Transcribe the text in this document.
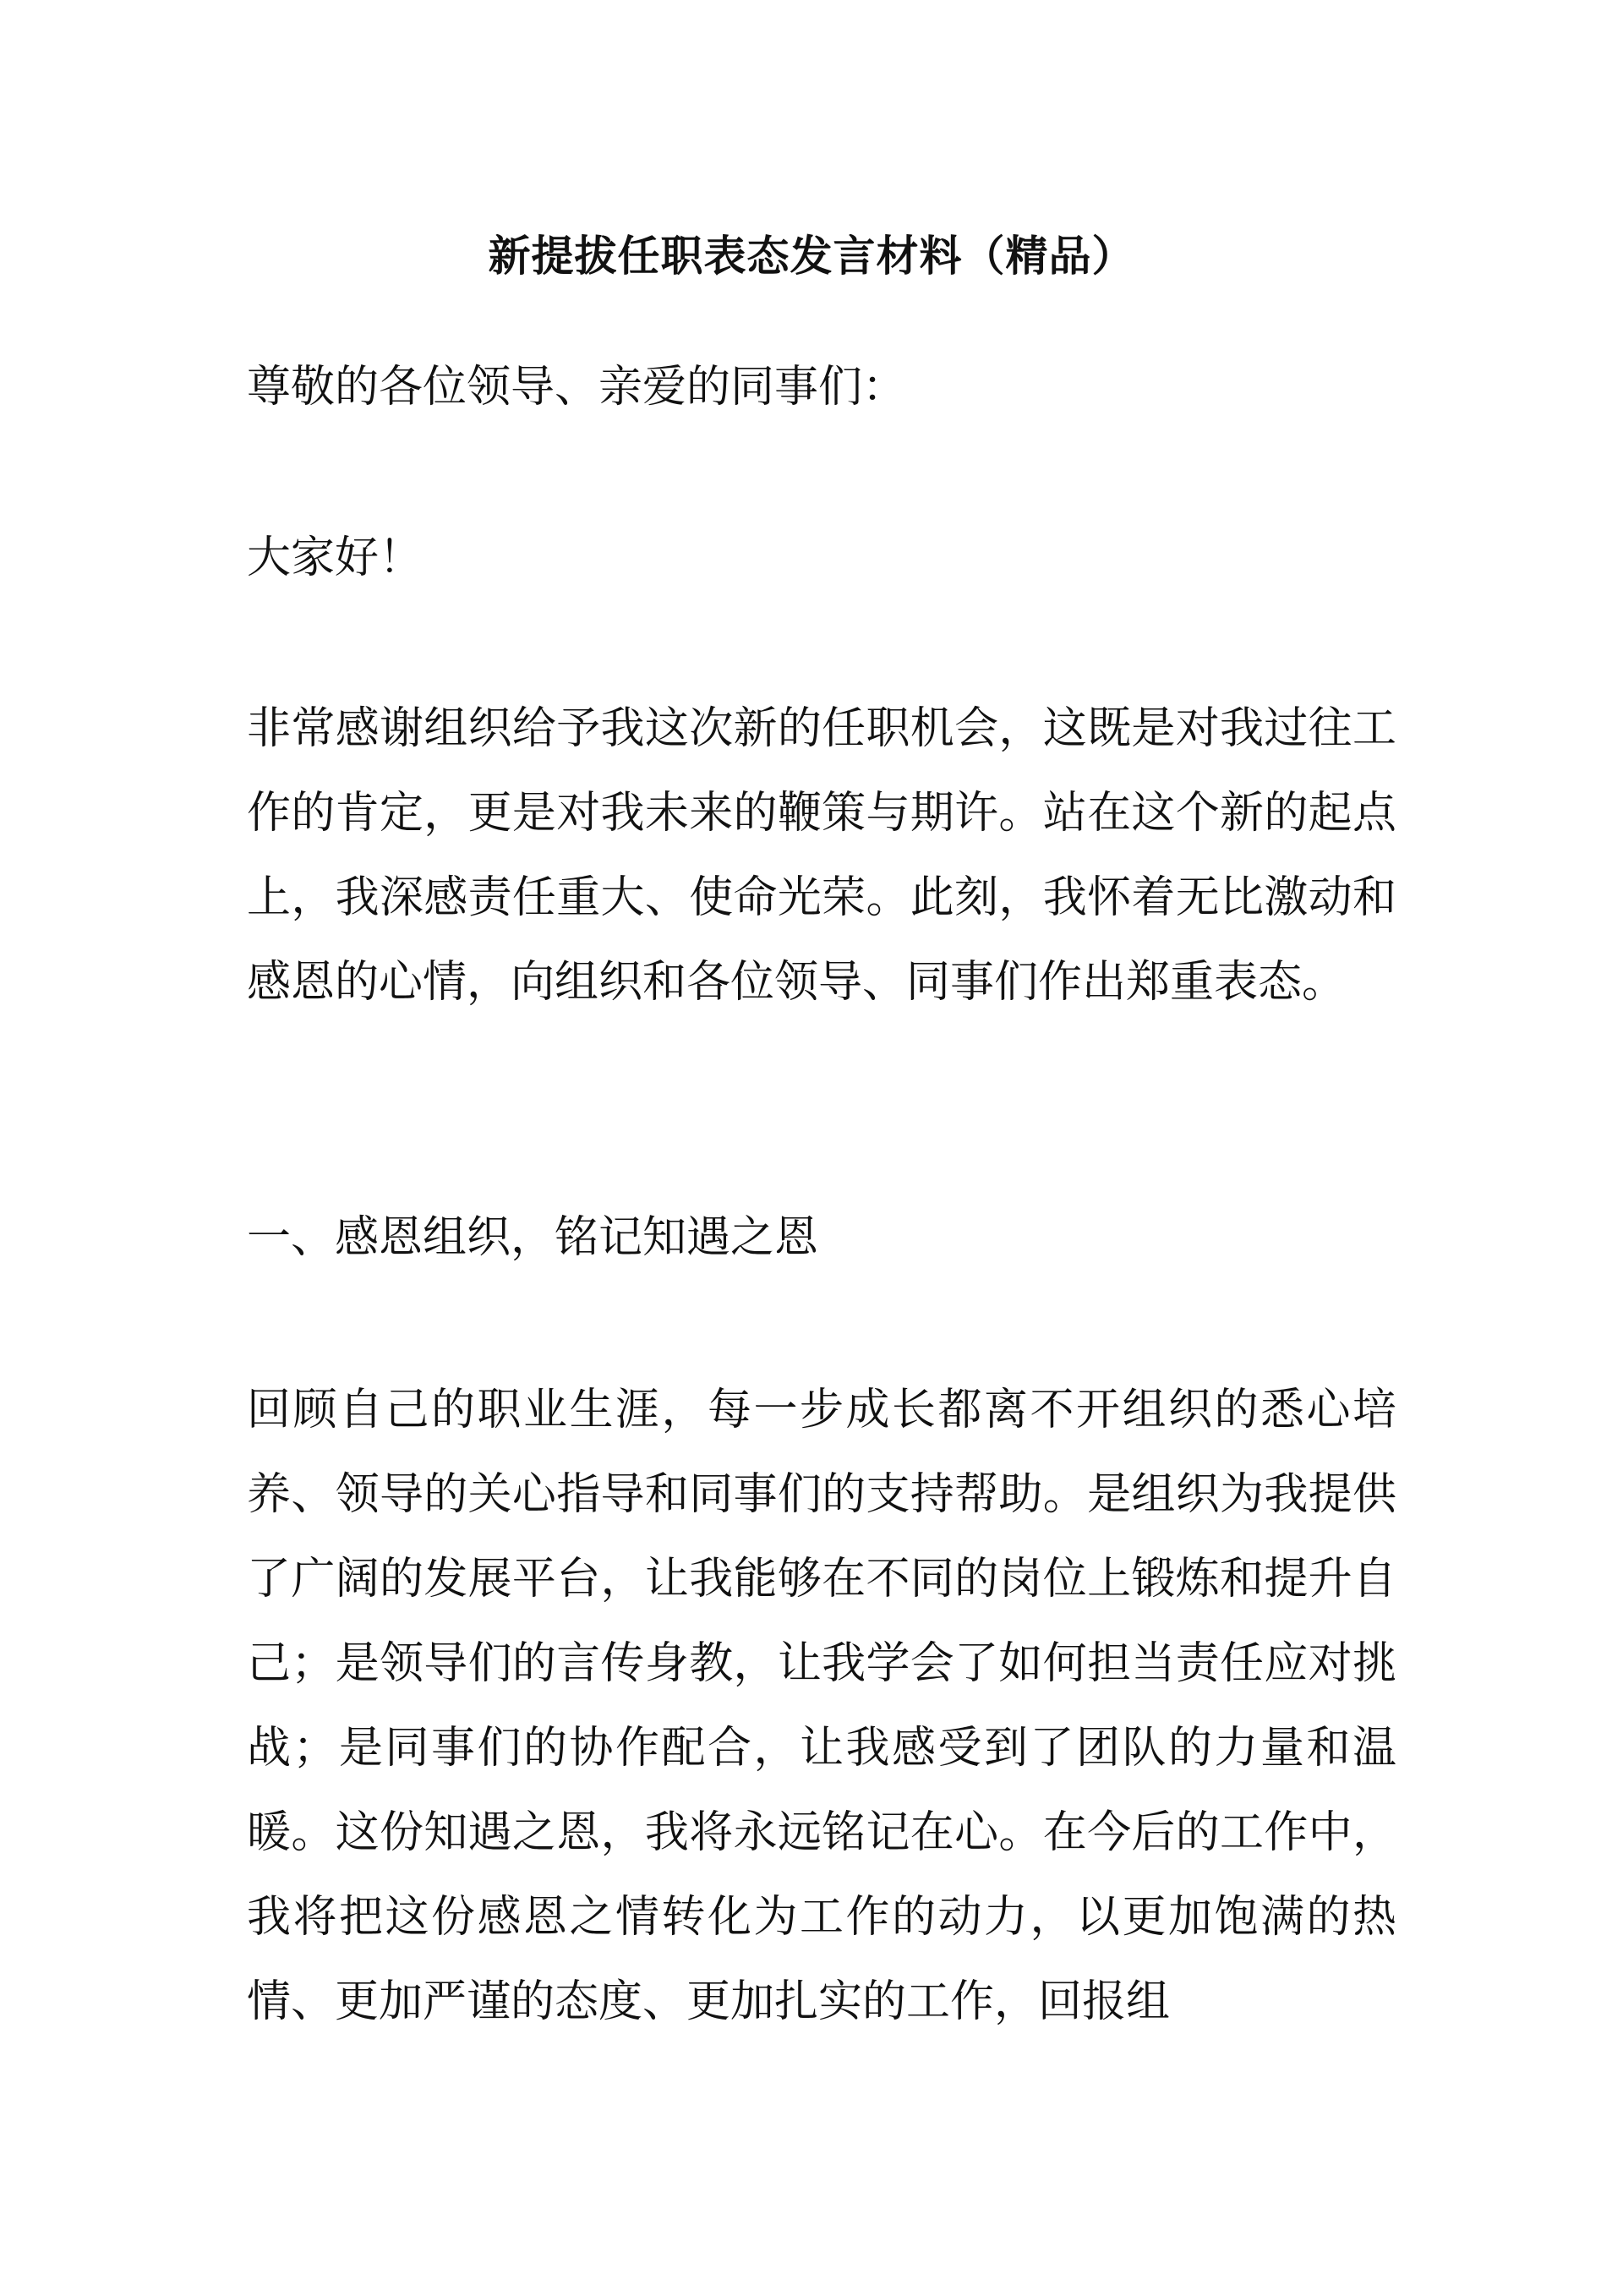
新提拔任职表态发言材料（精品）
尊敬的各位领导、亲爱的同事们：
大家好！
非常感谢组织给予我这次新的任职机会，这既是对我过往工作的肯定，更是对我未来的鞭策与期许。站在这个新的起点上，我深感责任重大、使命光荣。此刻，我怀着无比激动和感恩的心情，向组织和各位领导、同事们作出郑重表态。
一、感恩组织，铭记知遇之恩
回顾自己的职业生涯，每一步成长都离不开组织的悉心培养、领导的关心指导和同事们的支持帮助。是组织为我提供了广阔的发展平台，让我能够在不同的岗位上锻炼和提升自己；是领导们的言传身教，让我学会了如何担当责任应对挑战；是同事们的协作配合，让我感受到了团队的力量和温暖。这份知遇之恩，我将永远铭记在心。在今后的工作中，我将把这份感恩之情转化为工作的动力，以更加饱满的热情、更加严谨的态度、更加扎实的工作，回报组
